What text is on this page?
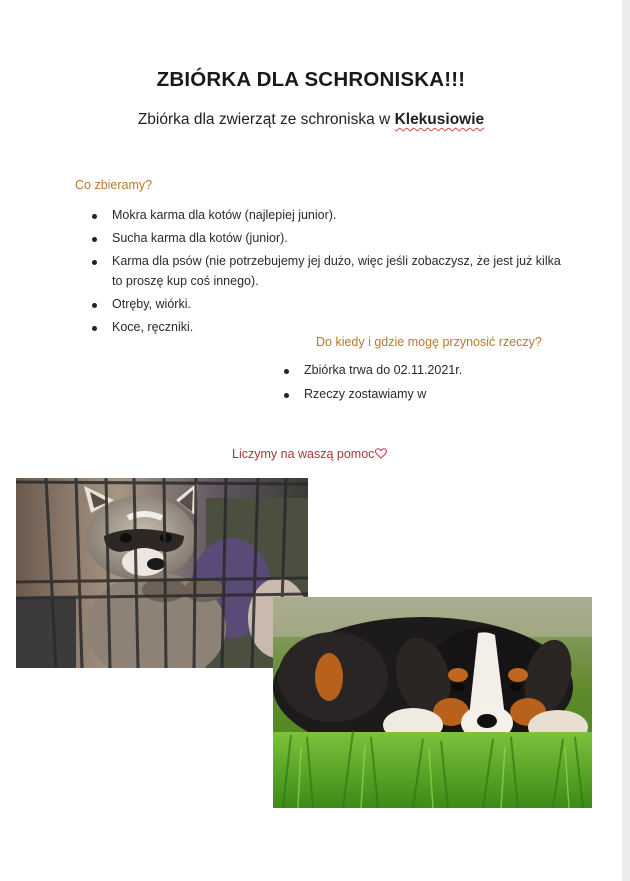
ZBIÓRKA DLA SCHRONISKA!!!
Zbiórka dla zwierząt ze schroniska w Klekusiowie
Co zbieramy?
Mokra karma dla kotów (najlepiej junior).
Sucha karma dla kotów (junior).
Karma dla psów (nie potrzebujemy jej dużo, więc jeśli zobaczysz, że jest już kilka to proszę kup coś innego).
Otręby, wiórki.
Koce, ręczniki.
Do kiedy i gdzie mogę przynosić rzeczy?
Zbiórka trwa do 02.11.2021r.
Rzeczy zostawiamy w
Liczymy na waszą pomoc
